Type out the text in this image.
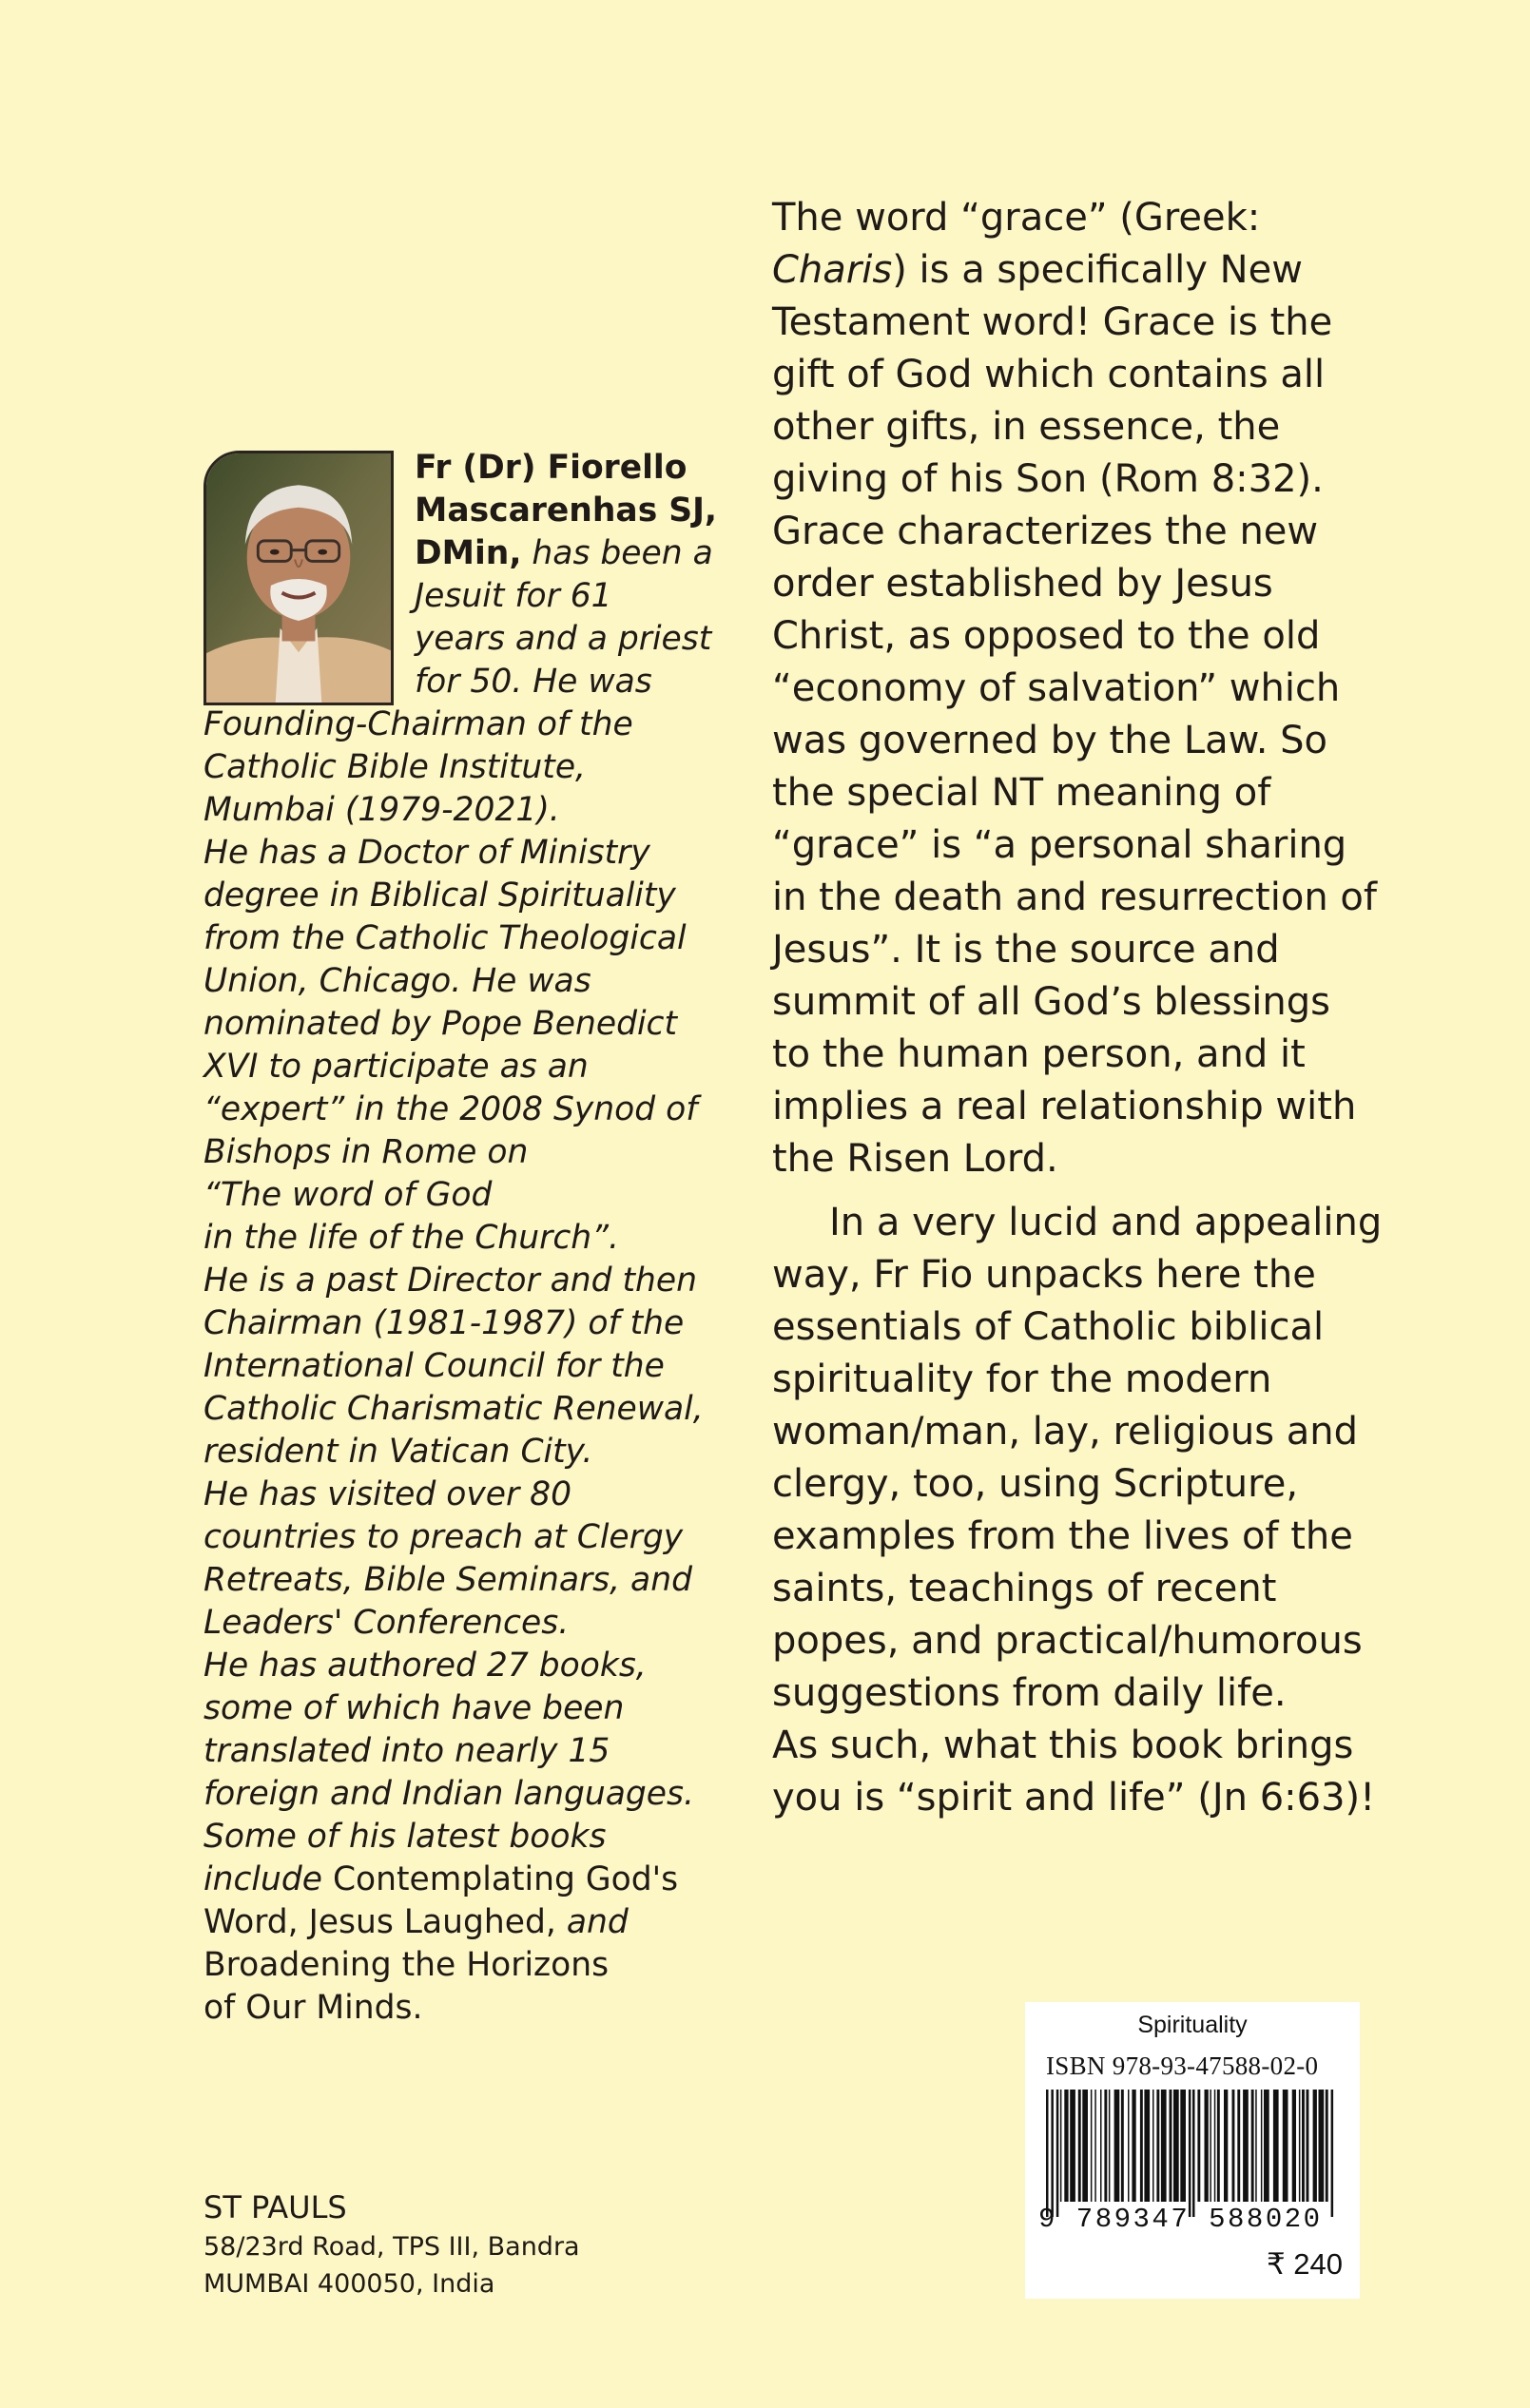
Fr (Dr) Fiorello
Mascarenhas SJ,
DMin, has been a
Jesuit for 61
years and a priest
for 50. He was
Founding-Chairman of the
Catholic Bible Institute,
Mumbai (1979-2021).
He has a Doctor of Ministry
degree in Biblical Spirituality
from the Catholic Theological
Union, Chicago. He was
nominated by Pope Benedict
XVI to participate as an
“expert” in the 2008 Synod of
Bishops in Rome on
“The word of God
in the life of the Church”.
He is a past Director and then
Chairman (1981-1987) of the
International Council for the
Catholic Charismatic Renewal,
resident in Vatican City.
He has visited over 80
countries to preach at Clergy
Retreats, Bible Seminars, and
Leaders' Conferences.
He has authored 27 books,
some of which have been
translated into nearly 15
foreign and Indian languages.
Some of his latest books
include Contemplating God's
Word, Jesus Laughed, and
Broadening the Horizons
of Our Minds.
The word “grace” (Greek:
Charis) is a specifically New
Testament word! Grace is the
gift of God which contains all
other gifts, in essence, the
giving of his Son (Rom 8:32).
Grace characterizes the new
order established by Jesus
Christ, as opposed to the old
“economy of salvation” which
was governed by the Law. So
the special NT meaning of
“grace” is “a personal sharing
in the death and resurrection of
Jesus”. It is the source and
summit of all God’s blessings
to the human person, and it
implies a real relationship with
the Risen Lord.
In a very lucid and appealing
way, Fr Fio unpacks here the
essentials of Catholic biblical
spirituality for the modern
woman/man, lay, religious and
clergy, too, using Scripture,
examples from the lives of the
saints, teachings of recent
popes, and practical/humorous
suggestions from daily life.
As such, what this book brings
you is “spirit and life” (Jn 6:63)!
ST PAULS
58/23rd Road, TPS III, Bandra
MUMBAI 400050, India
Spirituality
ISBN 978-93-47588-02-0
9 789347 588020
₹ 240
